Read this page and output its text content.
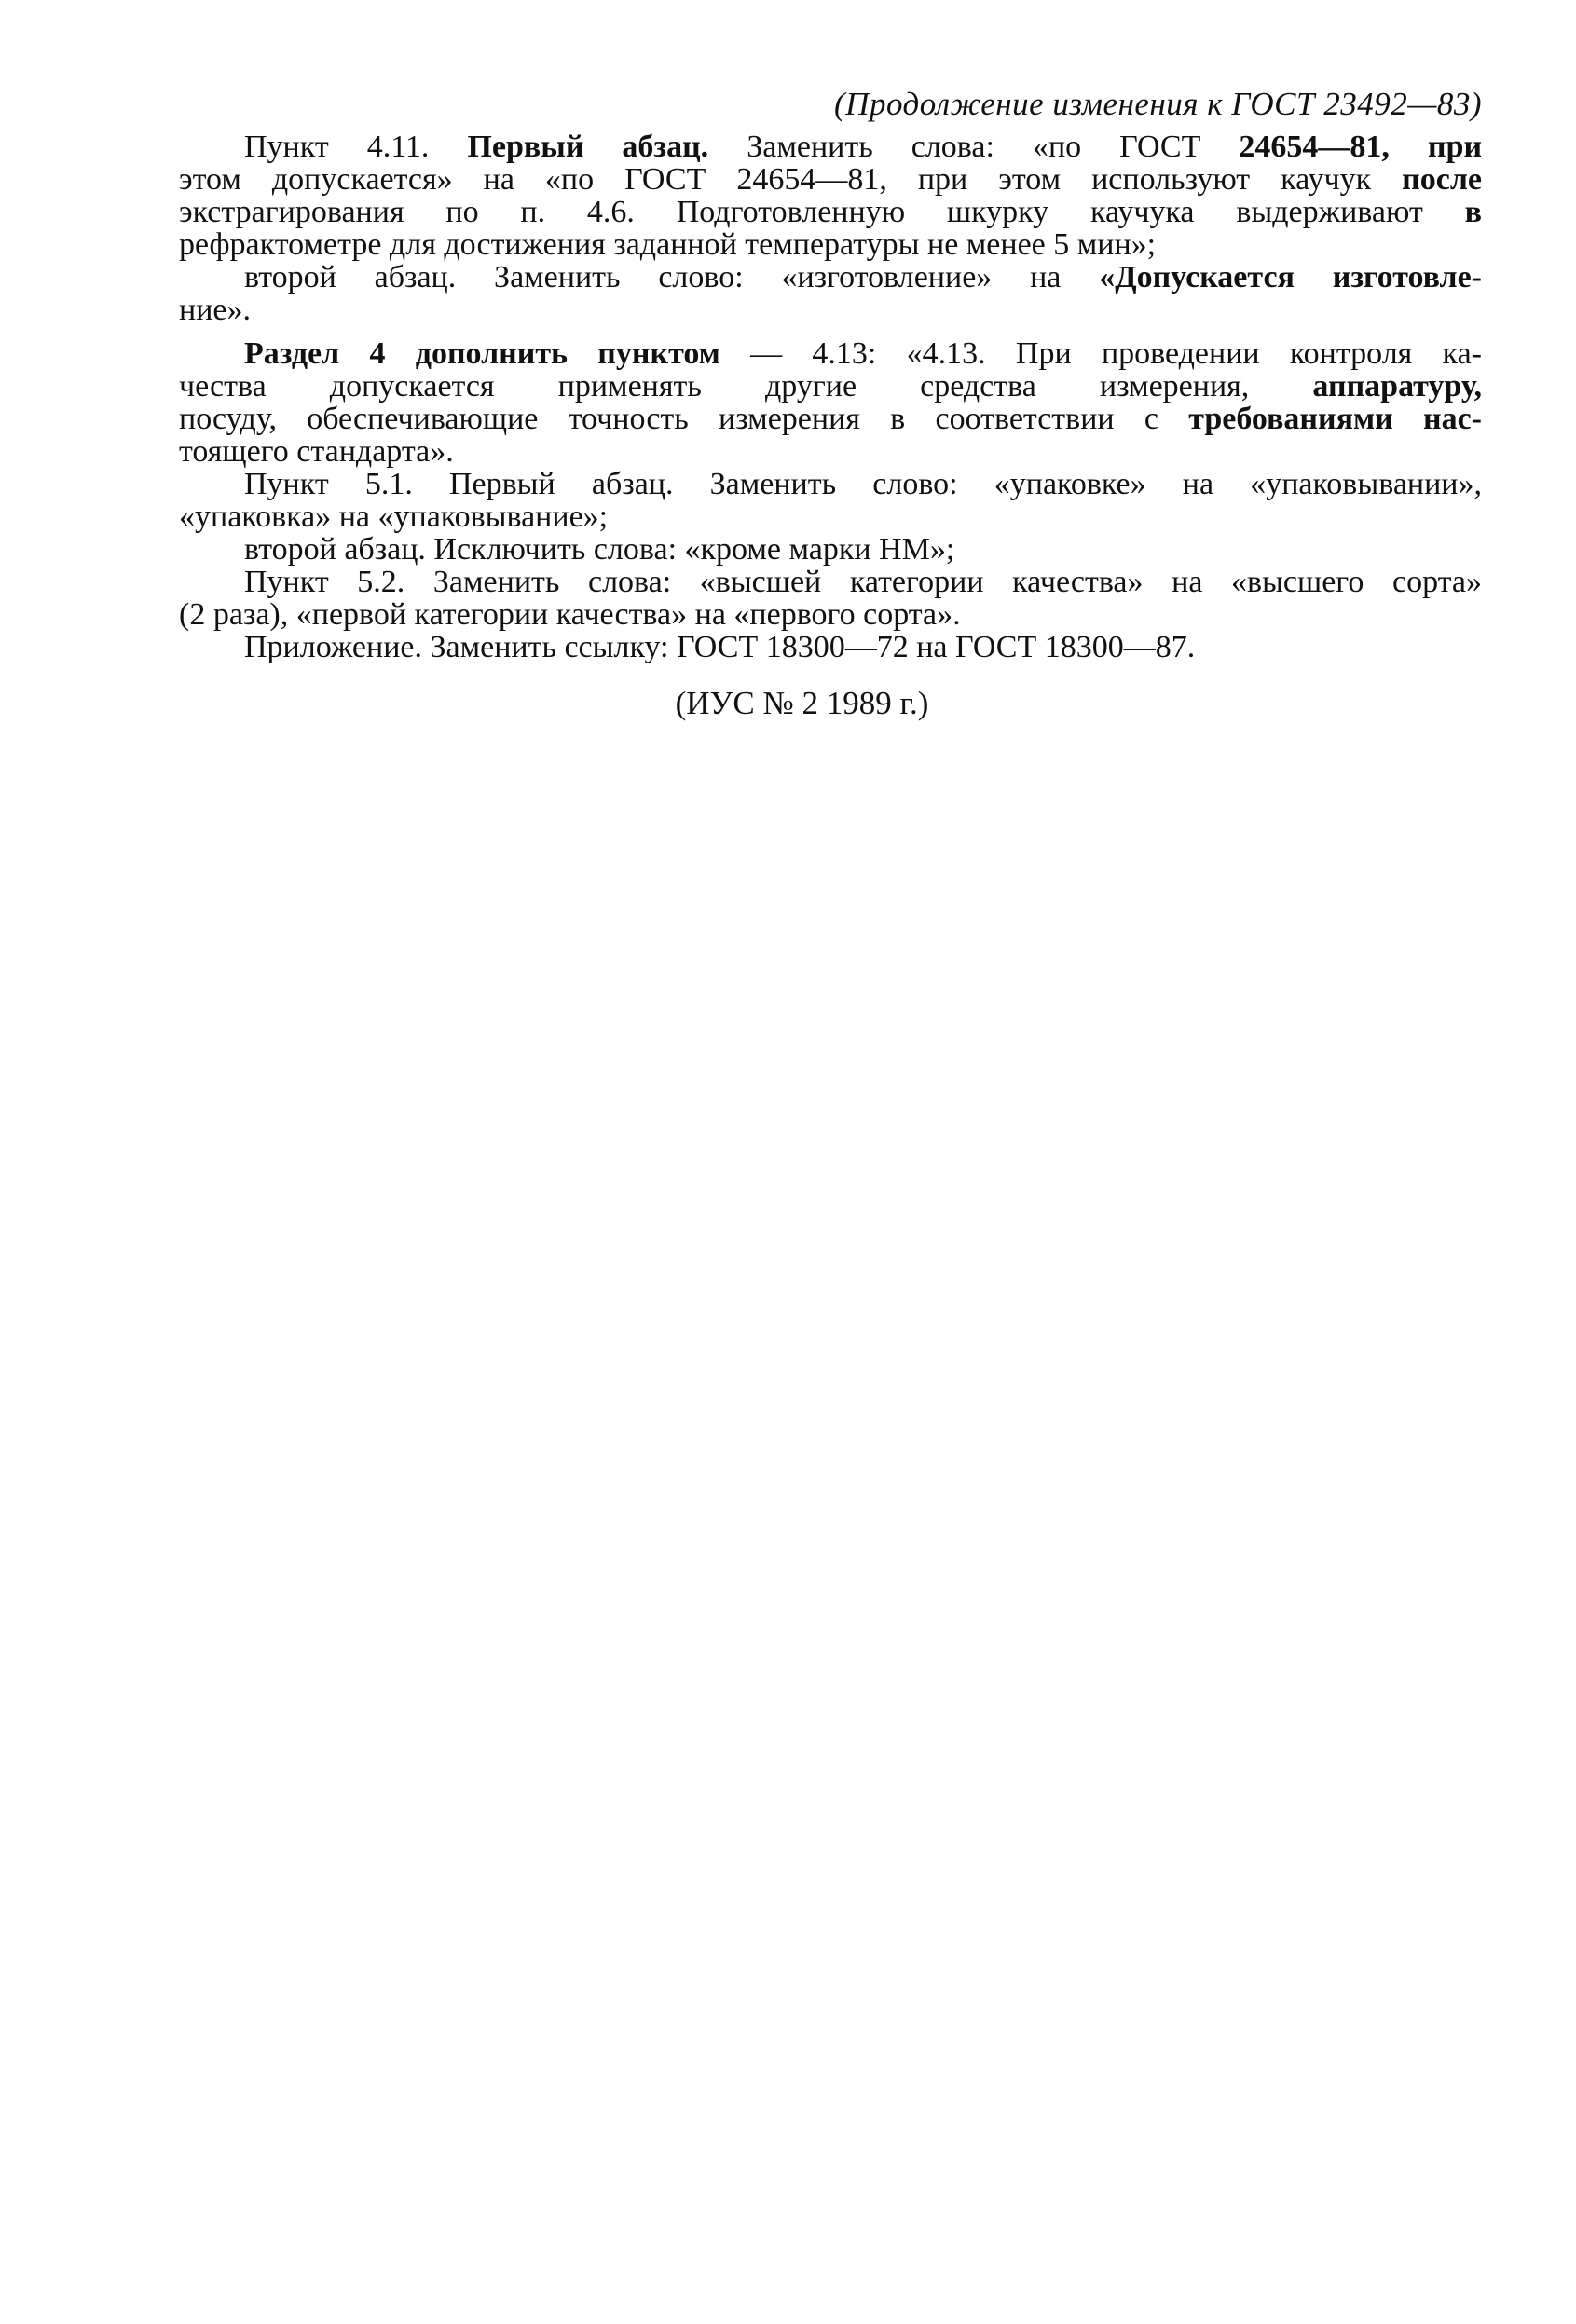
(Продолжение изменения к ГОСТ 23492—83)
Пункт 4.11. Первый абзац. Заменить слова: «по ГОСТ 24654—81, при
этом допускается» на «по ГОСТ 24654—81, при этом используют каучук после
экстрагирования по п. 4.6. Подготовленную шкурку каучука выдерживают в
рефрактометре для достижения заданной температуры не менее 5 мин»;
второй абзац. Заменить слово: «изготовление» на «Допускается изготовле-
ние».
Раздел 4 дополнить пунктом — 4.13: «4.13. При проведении контроля ка-
чества допускается применять другие средства измерения, аппаратуру,
посуду, обеспечивающие точность измерения в соответствии с требованиями нас-
тоящего стандарта».
Пункт 5.1. Первый абзац. Заменить слово: «упаковке» на «упаковывании»,
«упаковка» на «упаковывание»;
второй абзац. Исключить слова: «кроме марки НМ»;
Пункт 5.2. Заменить слова: «высшей категории качества» на «высшего сорта»
(2 раза), «первой категории качества» на «первого сорта».
Приложение. Заменить ссылку: ГОСТ 18300—72 на ГОСТ 18300—87.
(ИУС № 2 1989 г.)
